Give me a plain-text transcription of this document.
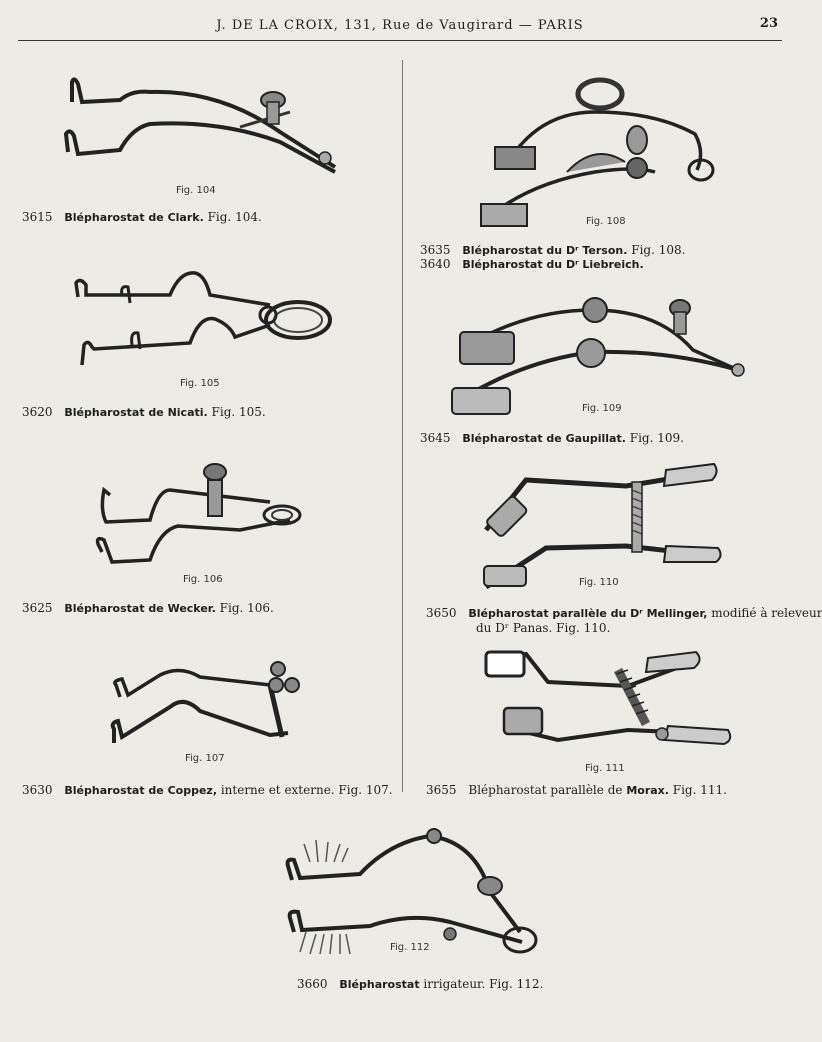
J. DE LA CROIX, 131, Rue de Vaugirard — PARIS	23
Fig. 104
3615 Blépharostat de Clark. Fig. 104.
Fig. 105
3620 Blépharostat de Nicati. Fig. 105.
Fig. 106
3625 Blépharostat de Wecker. Fig. 106.
Fig. 107
3630 Blépharostat de Coppez, interne et externe. Fig. 107.
Fig. 108
3635 Blépharostat du Dʳ Terson. Fig. 108.
3640 Blépharostat du Dʳ Liebreich.
Fig. 109
3645 Blépharostat de Gaupillat. Fig. 109.
Fig. 110
3650 Blépharostat parallèle du Dʳ Mellinger, modifié à releveur
du Dʳ Panas. Fig. 110.
Fig. 111
3655 Blépharostat parallèle de Morax. Fig. 111.
Fig. 112
3660 Blépharostat irrigateur. Fig. 112.
